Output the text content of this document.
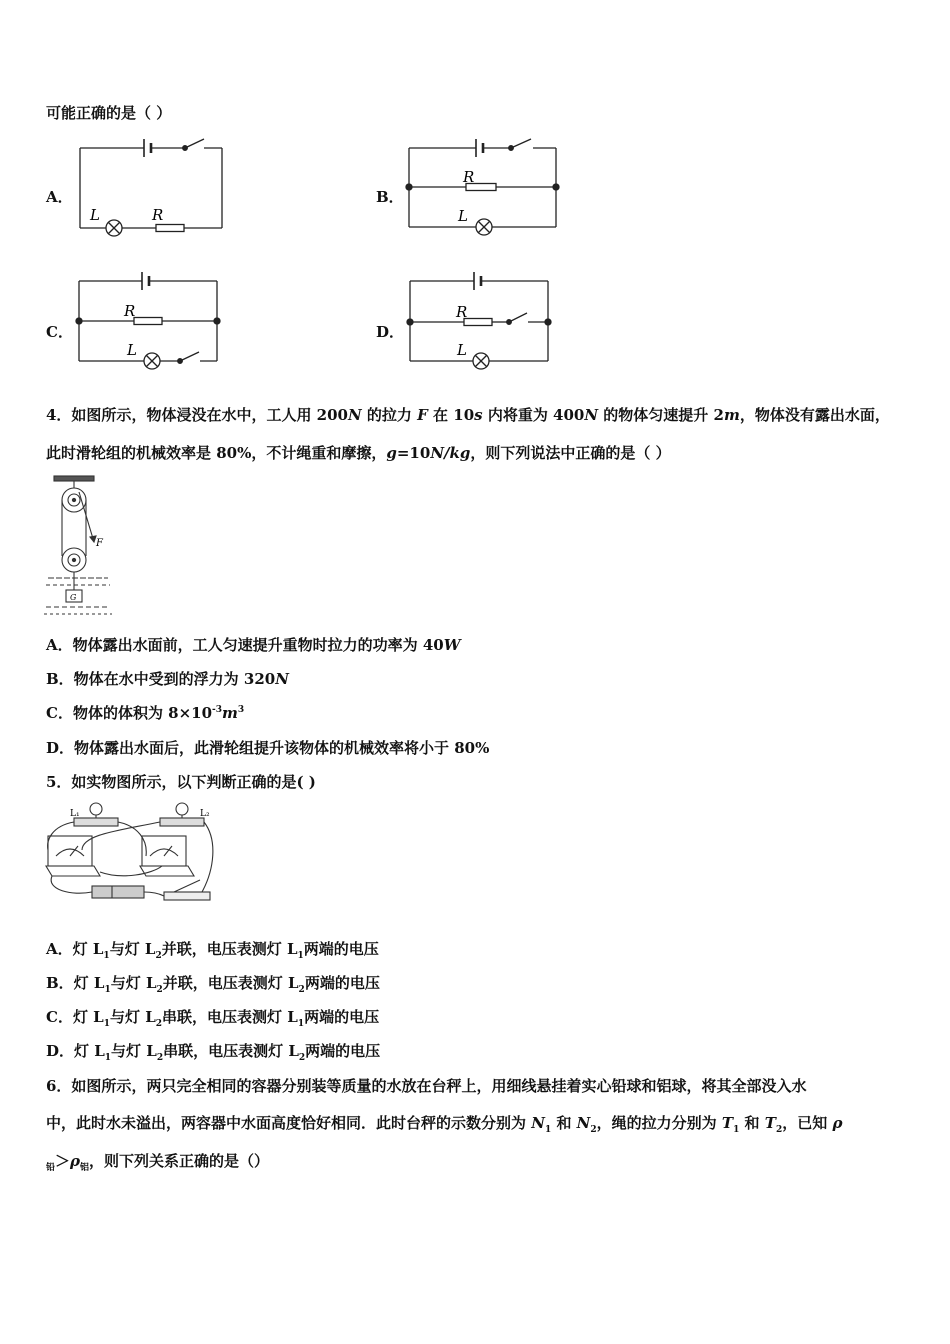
可能正确的是（ ）
A．
L	R
B．
R
L
C．
R
L
D．
R
L
4．如图所示，物体浸没在水中，工人用 200N 的拉力 F 在 10s 内将重为 400N 的物体匀速提升 2m，物体没有露出水面，
此时滑轮组的机械效率是 80%，不计绳重和摩擦，g=10N/kg，则下列说法中正确的是（ ）
F
G
A．物体露出水面前，工人匀速提升重物时拉力的功率为 40W
B．物体在水中受到的浮力为 320N
C．物体的体积为 $8\times 10^{-3}m^3$
D．物体露出水面后，此滑轮组提升该物体的机械效率将小于 80%
5．如实物图所示，以下判断正确的是( )
L₁	L₂
A．灯 $L_1$与灯 $L_2$并联，电压表测灯 $L_1$两端的电压
B．灯 $L_1$与灯 $L_2$并联，电压表测灯 $L_2$两端的电压
C．灯 $L_1$与灯 $L_2$串联，电压表测灯 $L_1$两端的电压
D．灯 $L_1$与灯 $L_2$串联，电压表测灯 $L_2$两端的电压
6．如图所示，两只完全相同的容器分别装等质量的水放在台秤上，用细线悬挂着实心铅球和铝球，将其全部没入水
中，此时水未溢出，两容器中水面高度恰好相同．此时台秤的示数分别为 $N_1$ 和 $N_2$，绳的拉力分别为 $T_1$ 和 $T_2$，已知 ρ
$_铅>\rho_铝$，则下列关系正确的是（）
